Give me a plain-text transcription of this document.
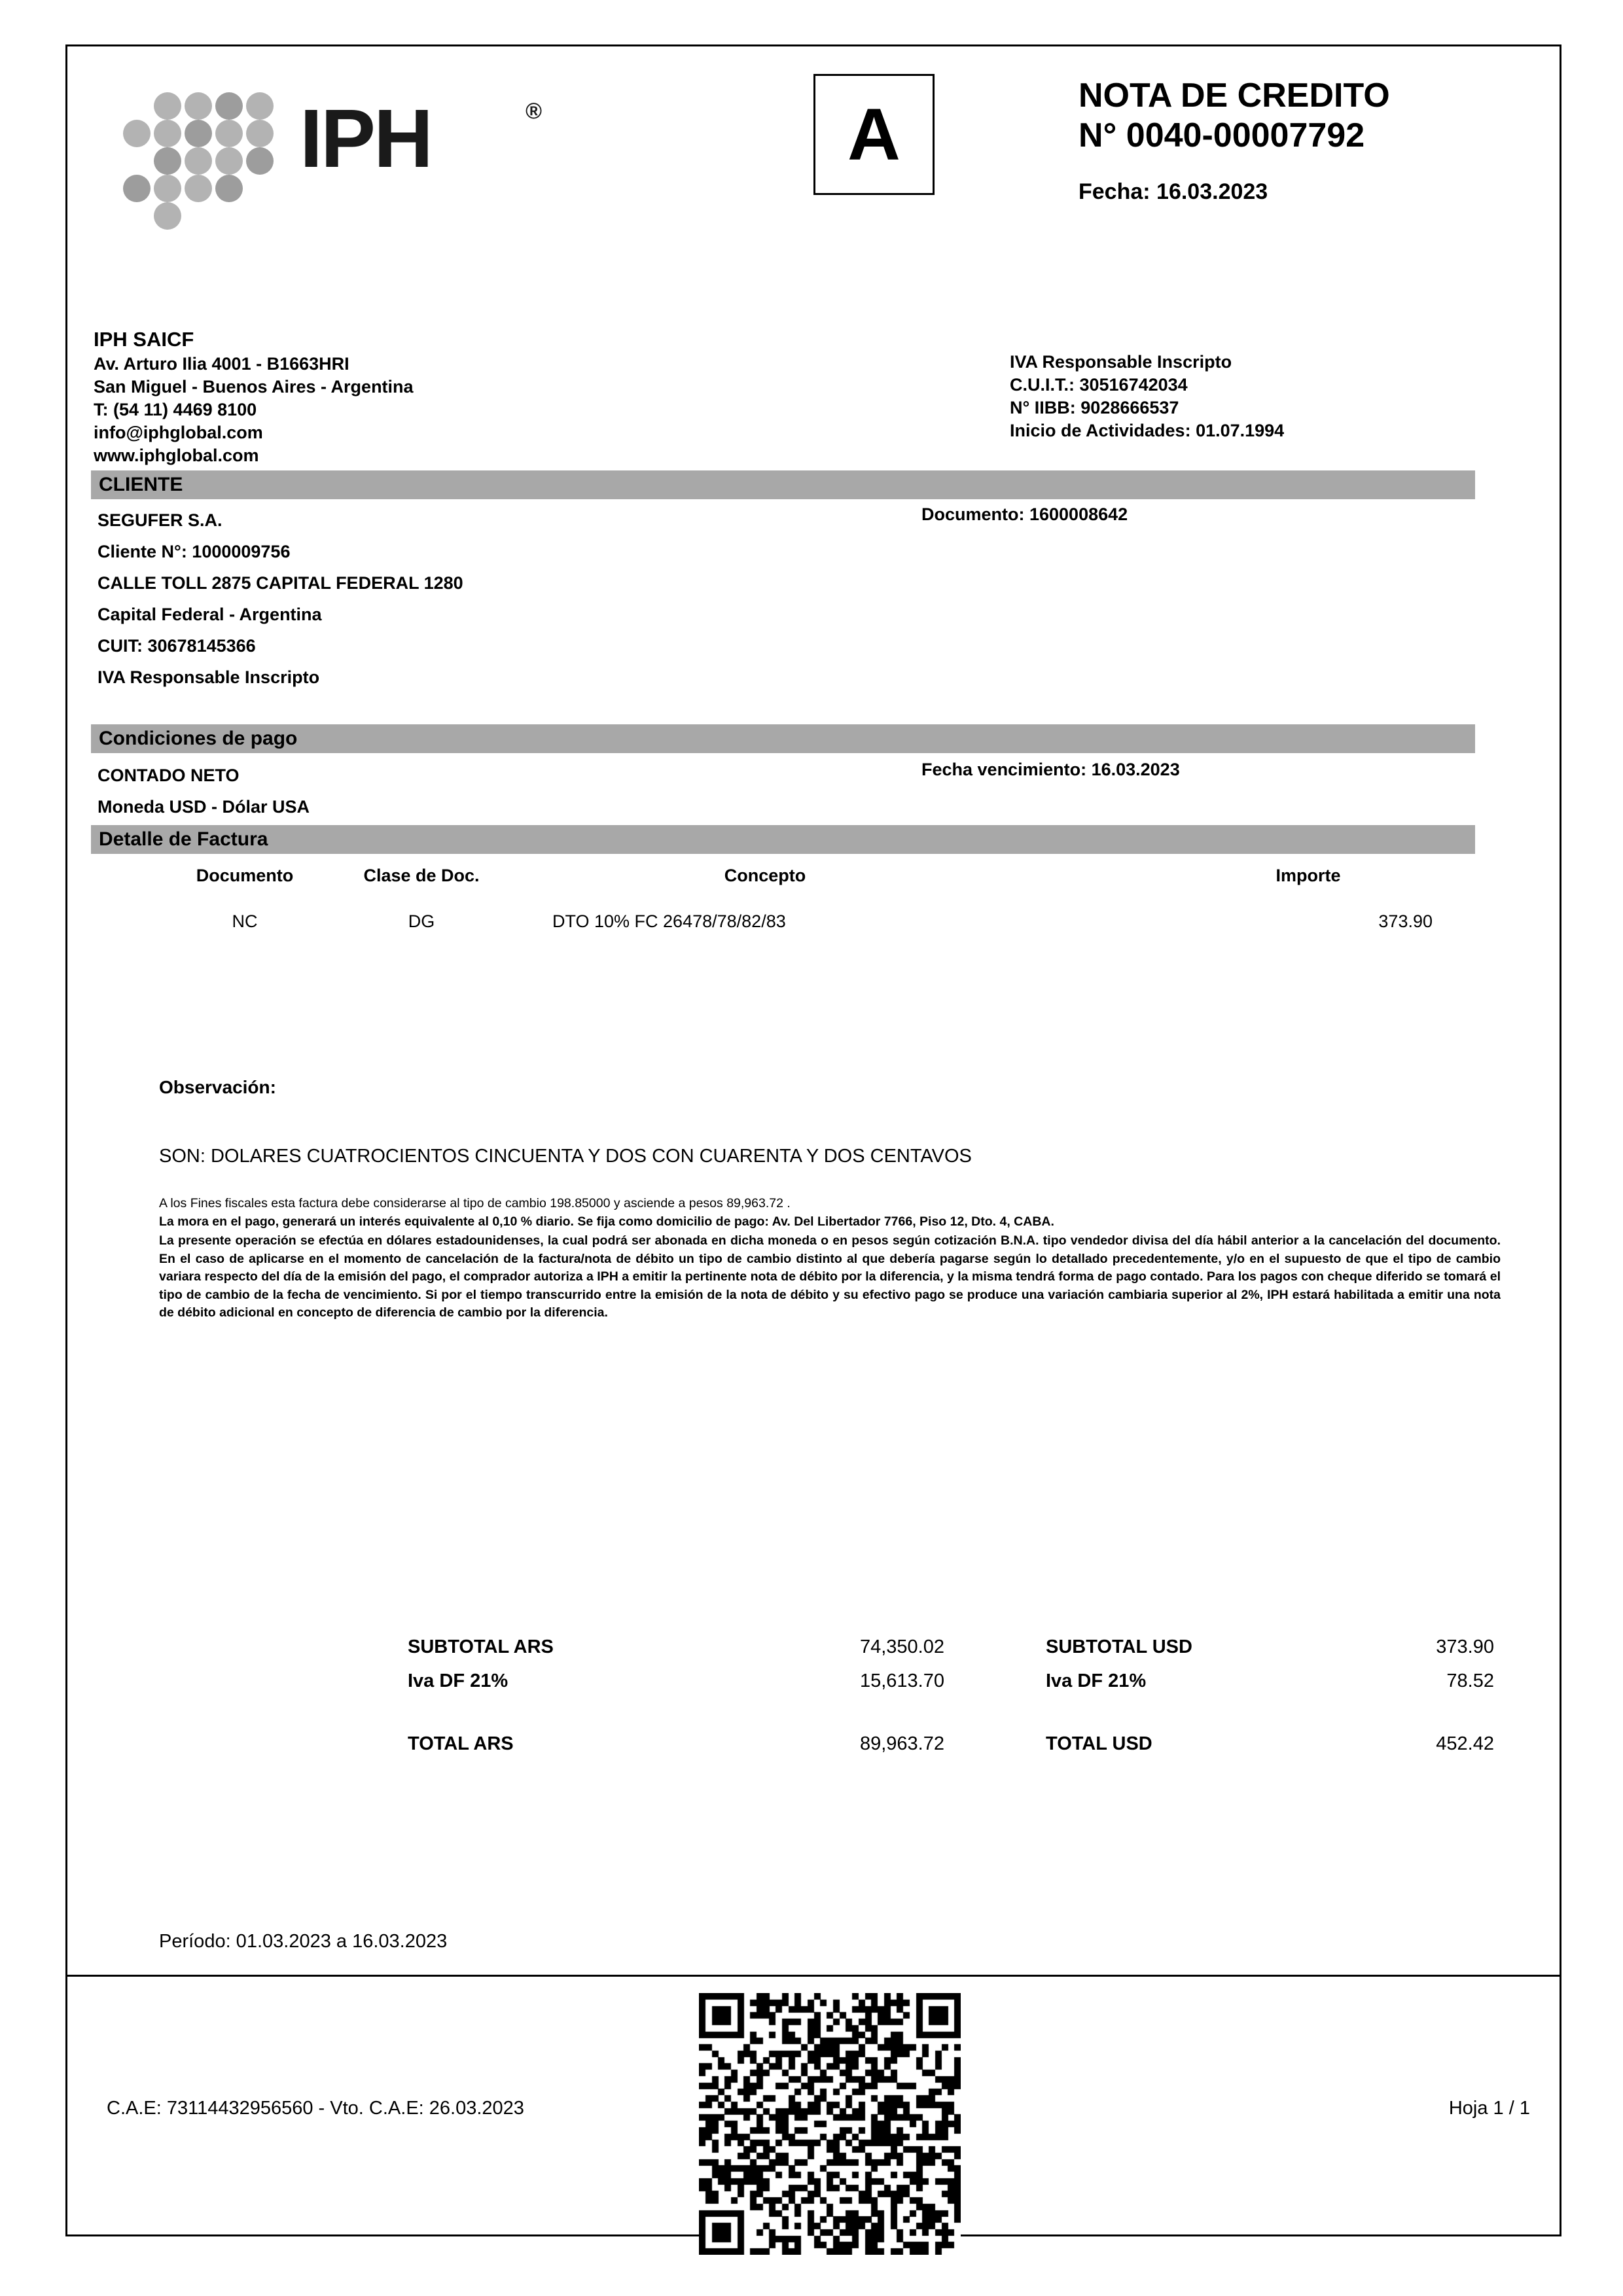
IPH	®	A	NOTA DE CREDITO
N° 0040-00007792
Fecha: 16.03.2023
IPH SAICF
Av. Arturo Ilia 4001 - B1663HRI
San Miguel - Buenos Aires - Argentina
T: (54 11) 4469 8100
info@iphglobal.com
www.iphglobal.com
IVA Responsable Inscripto
C.U.I.T.: 30516742034
N° IIBB: 9028666537
Inicio de Actividades: 01.07.1994
CLIENTE
SEGUFER S.A.	Documento: 1600008642
Cliente N°: 1000009756
CALLE TOLL 2875 CAPITAL FEDERAL 1280
Capital Federal - Argentina
CUIT: 30678145366
IVA Responsable Inscripto
Condiciones de pago
CONTADO NETO	Fecha vencimiento: 16.03.2023
Moneda USD - Dólar USA
Detalle de Factura
Documento	Clase de Doc.	Concepto	Importe
NC	DG	DTO 10% FC 26478/78/82/83	373.90
Observación:
SON: DOLARES CUATROCIENTOS CINCUENTA Y DOS CON CUARENTA Y DOS CENTAVOS
A los Fines fiscales esta factura debe considerarse al tipo de cambio 198.85000 y asciende a pesos 89,963.72 .
La mora en el pago, generará un interés equivalente al 0,10 % diario. Se fija como domicilio de pago: Av. Del Libertador 7766, Piso 12, Dto. 4, CABA.
La presente operación se efectúa en dólares estadounidenses, la cual podrá ser abonada en dicha moneda o en pesos según cotización B.N.A. tipo vendedor divisa del día hábil anterior a la cancelación del documento. En el caso de aplicarse en el momento de cancelación de la factura/nota de débito un tipo de cambio distinto al que debería pagarse según lo detallado precedentemente, y/o en el supuesto de que el tipo de cambio variara respecto del día de la emisión del pago, el comprador autoriza a IPH a emitir la pertinente nota de débito por la diferencia, y la misma tendrá forma de pago contado. Para los pagos con cheque diferido se tomará el tipo de cambio de la fecha de vencimiento. Si por el tiempo transcurrido entre la emisión de la nota de débito y su efectivo pago se produce una variación cambiaria superior al 2%, IPH estará habilitada a emitir una nota de débito adicional en concepto de diferencia de cambio por la diferencia.
SUBTOTAL ARS	74,350.02	SUBTOTAL USD	373.90
Iva DF 21%	15,613.70	Iva DF 21%	78.52
TOTAL ARS	89,963.72	TOTAL USD	452.42
Período: 01.03.2023 a 16.03.2023
C.A.E: 73114432956560 - Vto. C.A.E: 26.03.2023	Hoja 1 / 1
